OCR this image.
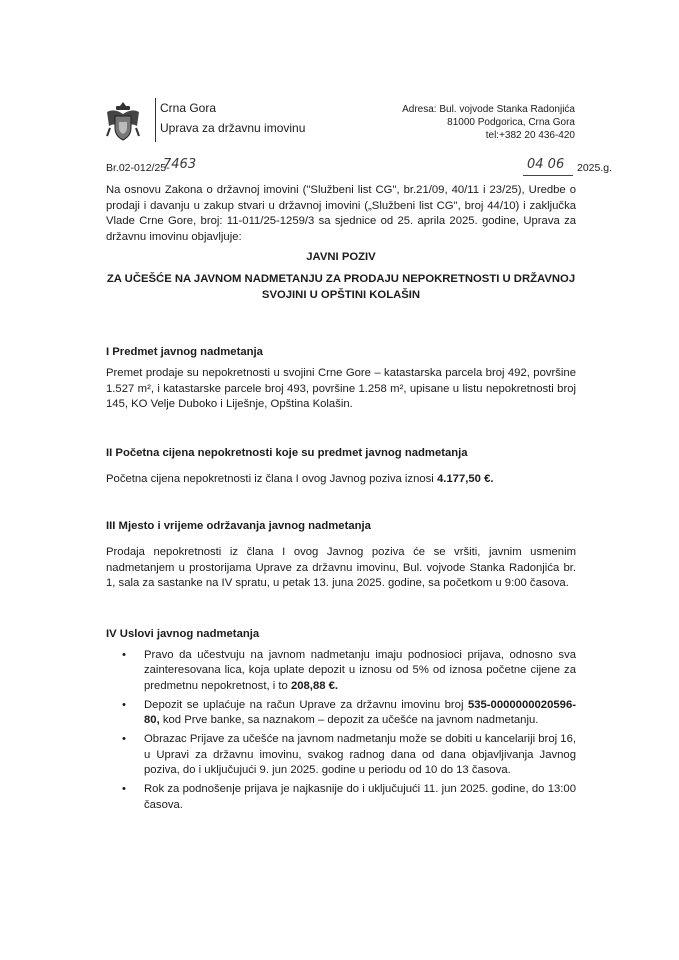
Crna Gora
Uprava za državnu imovinu
Adresa: Bul. vojvode Stanka Radonjića
81000 Podgorica, Crna Gora
tel:+382 20 436-420
Br.02-012/25-
7463	04 06 2025.g.
Na osnovu Zakona o državnoj imovini ("Službeni list CG", br.21/09, 40/11 i 23/25), Uredbe o prodaji i davanju u zakup stvari u državnoj imovini („Službeni list CG", broj 44/10) i zaključka Vlade Crne Gore, broj: 11-011/25-1259/3 sa sjednice od 25. aprila 2025. godine, Uprava za državnu imovinu objavljuje:
JAVNI POZIV
ZA UČEŠĆE NA JAVNOM NADMETANJU ZA PRODAJU NEPOKRETNOSTI U DRŽAVNOJ SVOJINI U OPŠTINI KOLAŠIN
I Predmet javnog nadmetanja
Premet prodaje su nepokretnosti u svojini Crne Gore – katastarska parcela broj 492, površine 1.527 m², i katastarske parcele broj 493, površine 1.258 m², upisane u listu nepokretnosti broj 145, KO Velje Duboko i Liješnje, Opština Kolašin.
II Početna cijena nepokretnosti koje su predmet javnog nadmetanja
Početna cijena nepokretnosti iz člana I ovog Javnog poziva iznosi 4.177,50 €.
III Mjesto i vrijeme održavanja javnog nadmetanja
Prodaja nepokretnosti iz člana I ovog Javnog poziva će se vršiti, javnim usmenim nadmetanjem u prostorijama Uprave za državnu imovinu, Bul. vojvode Stanka Radonjića br. 1, sala za sastanke na IV spratu, u petak 13. juna 2025. godine, sa početkom u 9:00 časova.
IV Uslovi javnog nadmetanja
• Pravo da učestvuju na javnom nadmetanju imaju podnosioci prijava, odnosno sva zainteresovana lica, koja uplate depozit u iznosu od 5% od iznosa početne cijene za predmetnu nepokretnost, i to 208,88 €.
• Depozit se uplaćuje na račun Uprave za državnu imovinu broj 535-0000000020596-80, kod Prve banke, sa naznakom – depozit za učešće na javnom nadmetanju.
• Obrazac Prijave za učešće na javnom nadmetanju može se dobiti u kancelariji broj 16, u Upravi za državnu imovinu, svakog radnog dana od dana objavljivanja Javnog poziva, do i uključujući 9. jun 2025. godine u periodu od 10 do 13 časova.
• Rok za podnošenje prijava je najkasnije do i uključujući 11. jun 2025. godine, do 13:00 časova.
